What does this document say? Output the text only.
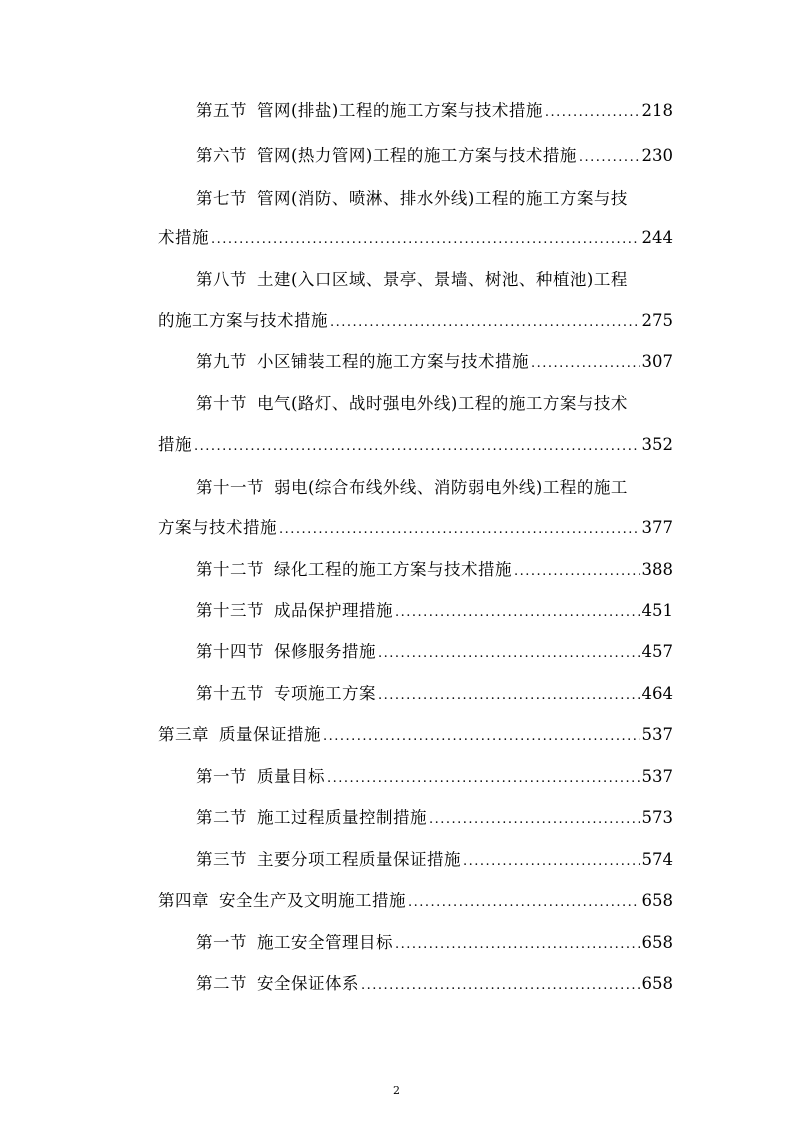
第五节 管网(排盐)工程的施工方案与技术措施 .....	218
第六节 管网(热力管网)工程的施工方案与技术措施 .....	230
第七节 管网(消防、喷淋、排水外线)工程的施工方案与技
术措施 .....	244
第八节 土建(入口区域、景亭、景墙、树池、种植池)工程
的施工方案与技术措施 .....	275
第九节 小区铺装工程的施工方案与技术措施 .....	307
第十节 电气(路灯、战时强电外线)工程的施工方案与技术
措施 .....	352
第十一节 弱电(综合布线外线、消防弱电外线)工程的施工
方案与技术措施 .....	377
第十二节 绿化工程的施工方案与技术措施 .....	388
第十三节 成品保护理措施 .....	451
第十四节 保修服务措施 .....	457
第十五节 专项施工方案 .....	464
第三章 质量保证措施 .....	537
第一节 质量目标 .....	537
第二节 施工过程质量控制措施 .....	573
第三节 主要分项工程质量保证措施 .....	574
第四章 安全生产及文明施工措施 .....	658
第一节 施工安全管理目标 .....	658
第二节 安全保证体系 .....	658
2
